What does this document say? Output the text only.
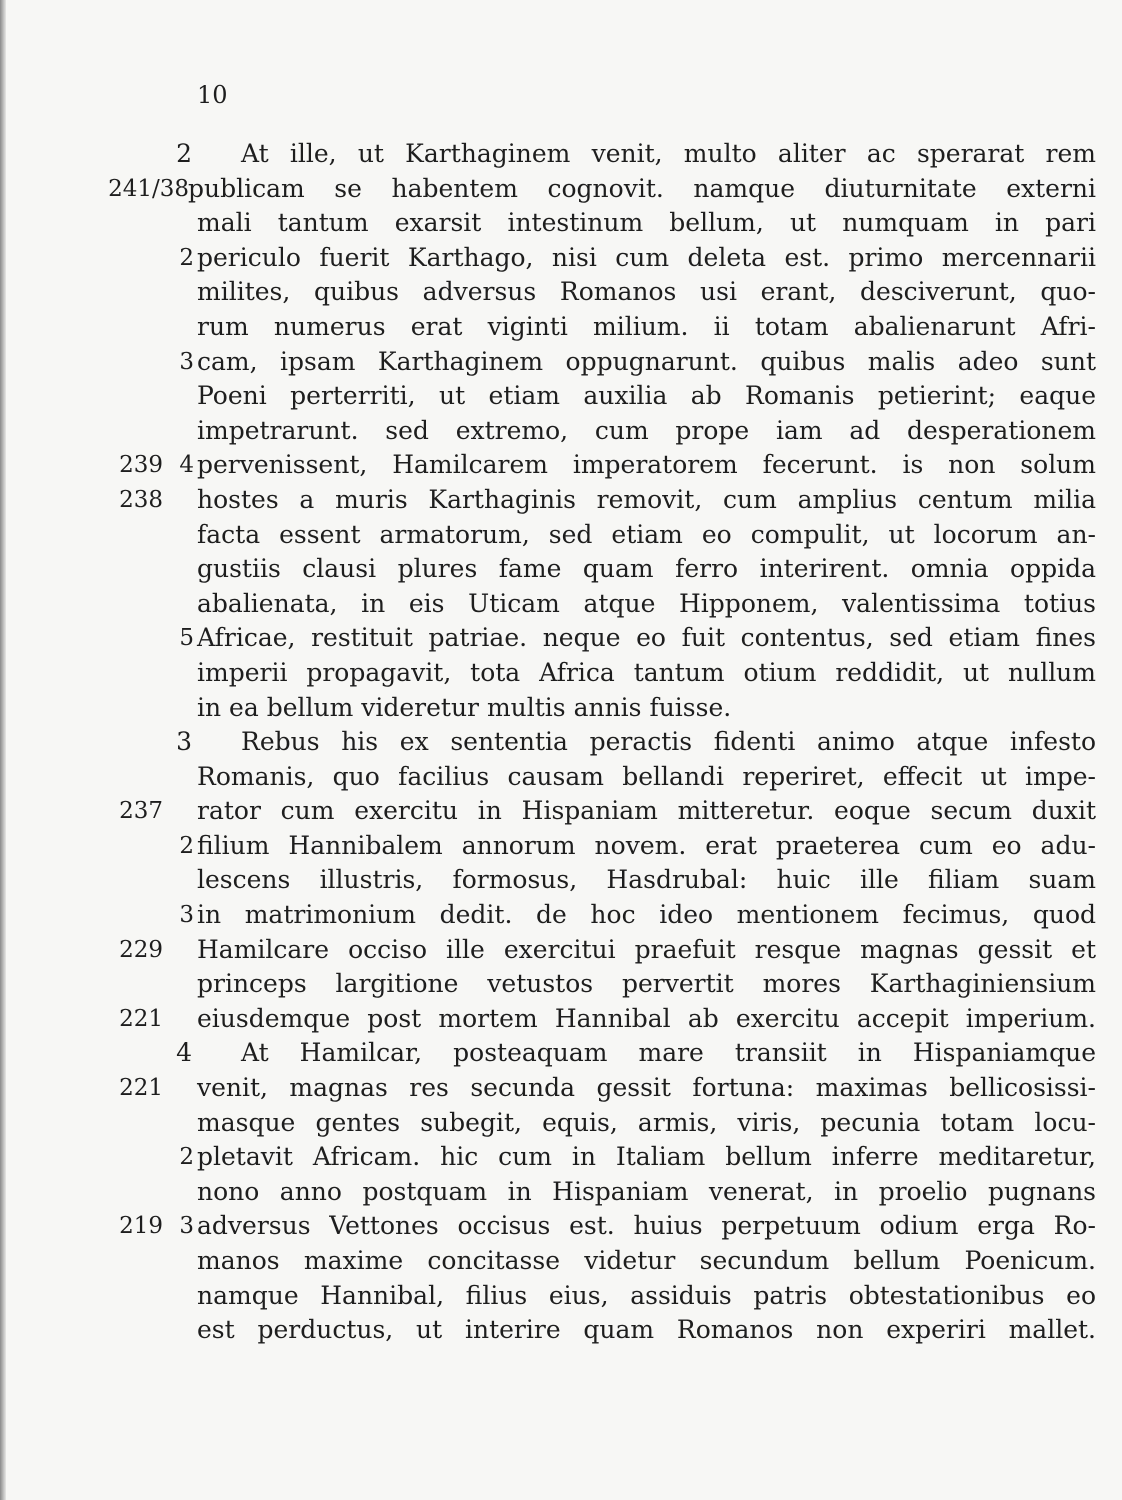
10
2 At ille, ut Karthaginem venit, multo aliter ac sperarat rem
241/38 publicam se habentem cognovit. namque diuturnitate externi
mali tantum exarsit intestinum bellum, ut numquam in pari
2 periculo fuerit Karthago, nisi cum deleta est. primo mercennarii
milites, quibus adversus Romanos usi erant, desciverunt, quo-
rum numerus erat viginti milium. ii totam abalienarunt Afri-
3 cam, ipsam Karthaginem oppugnarunt. quibus malis adeo sunt
Poeni perterriti, ut etiam auxilia ab Romanis petierint; eaque
impetrarunt. sed extremo, cum prope iam ad desperationem
239 4 pervenissent, Hamilcarem imperatorem fecerunt. is non solum
238 hostes a muris Karthaginis removit, cum amplius centum milia
facta essent armatorum, sed etiam eo compulit, ut locorum an-
gustiis clausi plures fame quam ferro interirent. omnia oppida
abalienata, in eis Uticam atque Hipponem, valentissima totius
5 Africae, restituit patriae. neque eo fuit contentus, sed etiam fines
imperii propagavit, tota Africa tantum otium reddidit, ut nullum
in ea bellum videretur multis annis fuisse.
3 Rebus his ex sententia peractis fidenti animo atque infesto
Romanis, quo facilius causam bellandi reperiret, effecit ut impe-
237 rator cum exercitu in Hispaniam mitteretur. eoque secum duxit
2 filium Hannibalem annorum novem. erat praeterea cum eo adu-
lescens illustris, formosus, Hasdrubal: huic ille filiam suam
3 in matrimonium dedit. de hoc ideo mentionem fecimus, quod
229 Hamilcare occiso ille exercitui praefuit resque magnas gessit et
princeps largitione vetustos pervertit mores Karthaginiensium
221 eiusdemque post mortem Hannibal ab exercitu accepit imperium.
4 At Hamilcar, posteaquam mare transiit in Hispaniamque
221 venit, magnas res secunda gessit fortuna: maximas bellicosissi-
masque gentes subegit, equis, armis, viris, pecunia totam locu-
2 pletavit Africam. hic cum in Italiam bellum inferre meditaretur,
nono anno postquam in Hispaniam venerat, in proelio pugnans
219 3 adversus Vettones occisus est. huius perpetuum odium erga Ro-
manos maxime concitasse videtur secundum bellum Poenicum.
namque Hannibal, filius eius, assiduis patris obtestationibus eo
est perductus, ut interire quam Romanos non experiri mallet.
